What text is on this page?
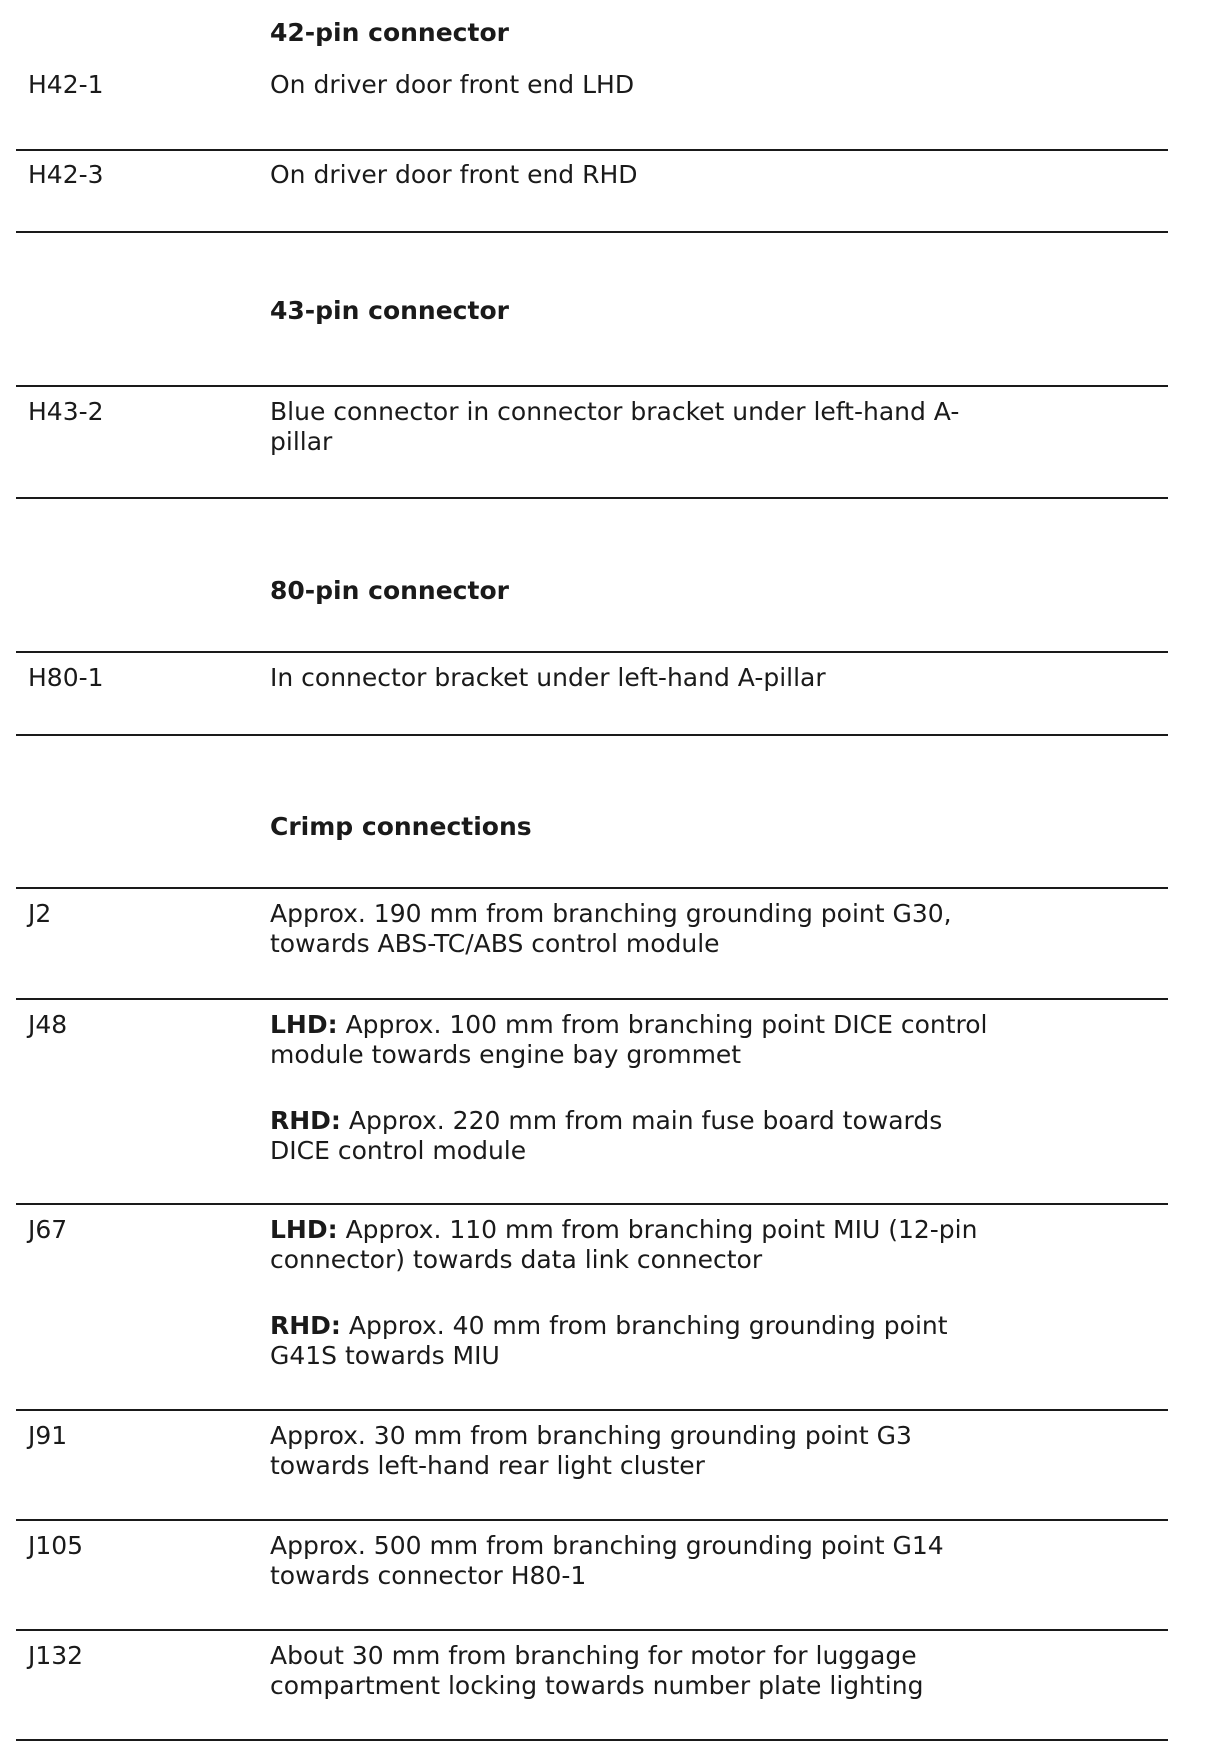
42-pin connector
H42-1	On driver door front end LHD
H42-3	On driver door front end RHD
43-pin connector
H43-2	Blue connector in connector bracket under left-hand A-pillar
80-pin connector
H80-1	In connector bracket under left-hand A-pillar
Crimp connections
J2	Approx. 190 mm from branching grounding point G30, towards ABS-TC/ABS control module
J48	LHD: Approx. 100 mm from branching point DICE control module towards engine bay grommet

RHD: Approx. 220 mm from main fuse board towards DICE control module

J67	LHD: Approx. 110 mm from branching point MIU (12-pin connector) towards data link connector

RHD: Approx. 40 mm from branching grounding point G41S towards MIU

J91	Approx. 30 mm from branching grounding point G3 towards left-hand rear light cluster
J105	Approx. 500 mm from branching grounding point G14 towards connector H80-1
J132	About 30 mm from branching for motor for luggage compartment locking towards number plate lighting
